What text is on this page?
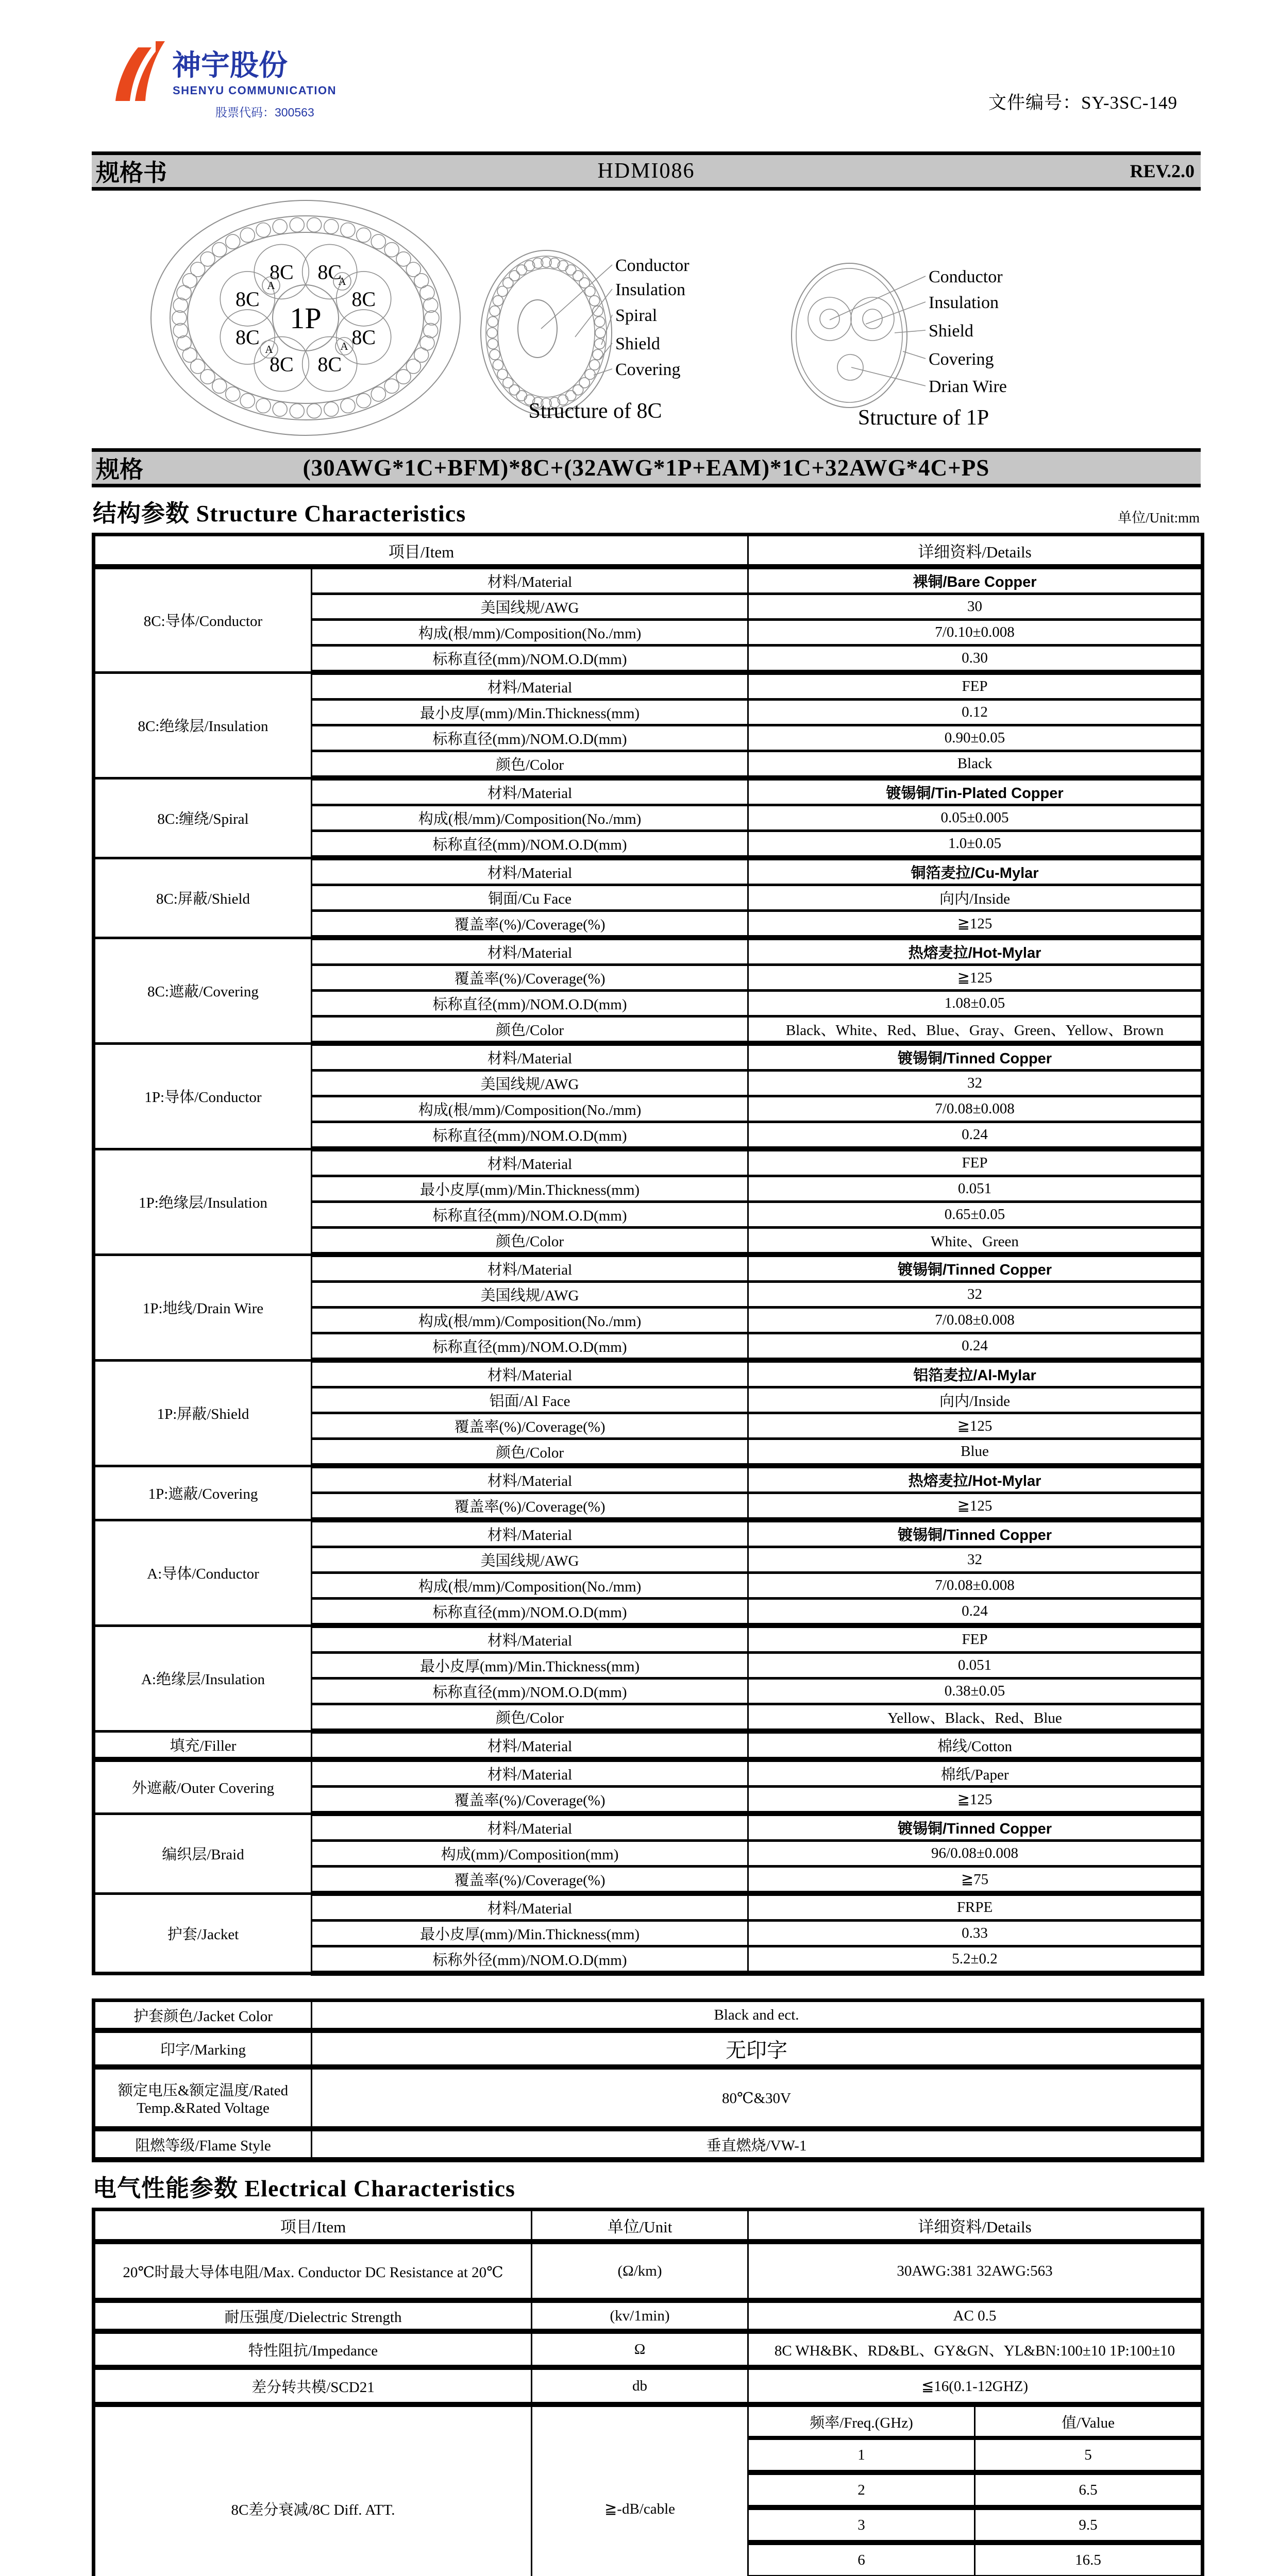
神宇股份
SHENYU COMMUNICATION
股票代码：300563	文件编号：SY-3SC-149
规格书	HDMI086	REV.2.0
1P
8C 8C
8C
8C
8C
8C
8C
8C
A	A
A	A
Conductor
Insulation
Spiral
Shield
Covering
Structure of 8C
Conductor
Insulation
Shield
Covering
Drian Wire
Structure of 1P
规格	(30AWG*1C+BFM)*8C+(32AWG*1P+EAM)*1C+32AWG*4C+PS
结构参数 Structure Characteristics	单位/Unit:mm
项目/Item		详细资料/Details
8C:导体/Conductor	材料/Material	裸铜/Bare Copper
	美国线规/AWG	30
	构成(根/mm)/Composition(No./mm)	7/0.10±0.008
	标称直径(mm)/NOM.O.D(mm)	0.30
8C:绝缘层/Insulation	材料/Material	FEP
	最小皮厚(mm)/Min.Thickness(mm)	0.12
	标称直径(mm)/NOM.O.D(mm)	0.90±0.05
	颜色/Color	Black
8C:缠绕/Spiral	材料/Material	镀锡铜/Tin-Plated Copper
	构成(根/mm)/Composition(No./mm)	0.05±0.005
	标称直径(mm)/NOM.O.D(mm)	1.0±0.05
8C:屏蔽/Shield	材料/Material	铜箔麦拉/Cu-Mylar
	铜面/Cu Face	向内/Inside
	覆盖率(%)/Coverage(%)	≧125
8C:遮蔽/Covering	材料/Material	热熔麦拉/Hot-Mylar
	覆盖率(%)/Coverage(%)	≧125
	标称直径(mm)/NOM.O.D(mm)	1.08±0.05
	颜色/Color	Black、White、Red、Blue、Gray、Green、Yellow、Brown
1P:导体/Conductor	材料/Material	镀锡铜/Tinned Copper
	美国线规/AWG	32
	构成(根/mm)/Composition(No./mm)	7/0.08±0.008
	标称直径(mm)/NOM.O.D(mm)	0.24
1P:绝缘层/Insulation	材料/Material	FEP
	最小皮厚(mm)/Min.Thickness(mm)	0.051
	标称直径(mm)/NOM.O.D(mm)	0.65±0.05
	颜色/Color	White、Green
1P:地线/Drain Wire	材料/Material	镀锡铜/Tinned Copper
	美国线规/AWG	32
	构成(根/mm)/Composition(No./mm)	7/0.08±0.008
	标称直径(mm)/NOM.O.D(mm)	0.24
1P:屏蔽/Shield	材料/Material	铝箔麦拉/Al-Mylar
	铝面/Al Face	向内/Inside
	覆盖率(%)/Coverage(%)	≧125
	颜色/Color	Blue
1P:遮蔽/Covering	材料/Material	热熔麦拉/Hot-Mylar
	覆盖率(%)/Coverage(%)	≧125
A:导体/Conductor	材料/Material	镀锡铜/Tinned Copper
	美国线规/AWG	32
	构成(根/mm)/Composition(No./mm)	7/0.08±0.008
	标称直径(mm)/NOM.O.D(mm)	0.24
A:绝缘层/Insulation	材料/Material	FEP
	最小皮厚(mm)/Min.Thickness(mm)	0.051
	标称直径(mm)/NOM.O.D(mm)	0.38±0.05
	颜色/Color	Yellow、Black、Red、Blue
填充/Filler	材料/Material	棉线/Cotton
外遮蔽/Outer Covering	材料/Material	棉纸/Paper
	覆盖率(%)/Coverage(%)	≧125
编织层/Braid	材料/Material	镀锡铜/Tinned Copper
	构成(mm)/Composition(mm)	96/0.08±0.008
	覆盖率(%)/Coverage(%)	≧75
护套/Jacket	材料/Material	FRPE
	最小皮厚(mm)/Min.Thickness(mm)	0.33
	标称外径(mm)/NOM.O.D(mm)	5.2±0.2
护套颜色/Jacket Color	Black and ect.
印字/Marking	无印字
额定电压&额定温度/Rated Temp.&Rated Voltage	80℃&30V
阻燃等级/Flame Style	垂直燃烧/VW-1
电气性能参数 Electrical Characteristics
项目/Item	单位/Unit	详细资料/Details
20℃时最大导体电阻/Max. Conductor DC Resistance at 20℃	(Ω/km)	30AWG:381 32AWG:563
耐压强度/Dielectric Strength	(kv/1min)	AC 0.5
特性阻抗/Impedance	Ω	8C WH&BK、RD&BL、GY&GN、YL&BN:100±10 1P:100±10
差分转共模/SCD21	db	≦16(0.1-12GHZ)
8C差分衰减/8C Diff. ATT.	≧-dB/cable	
频率/Freq.(GHz)	值/Value
1	5
2	6.5
3	9.5
6	16.5
